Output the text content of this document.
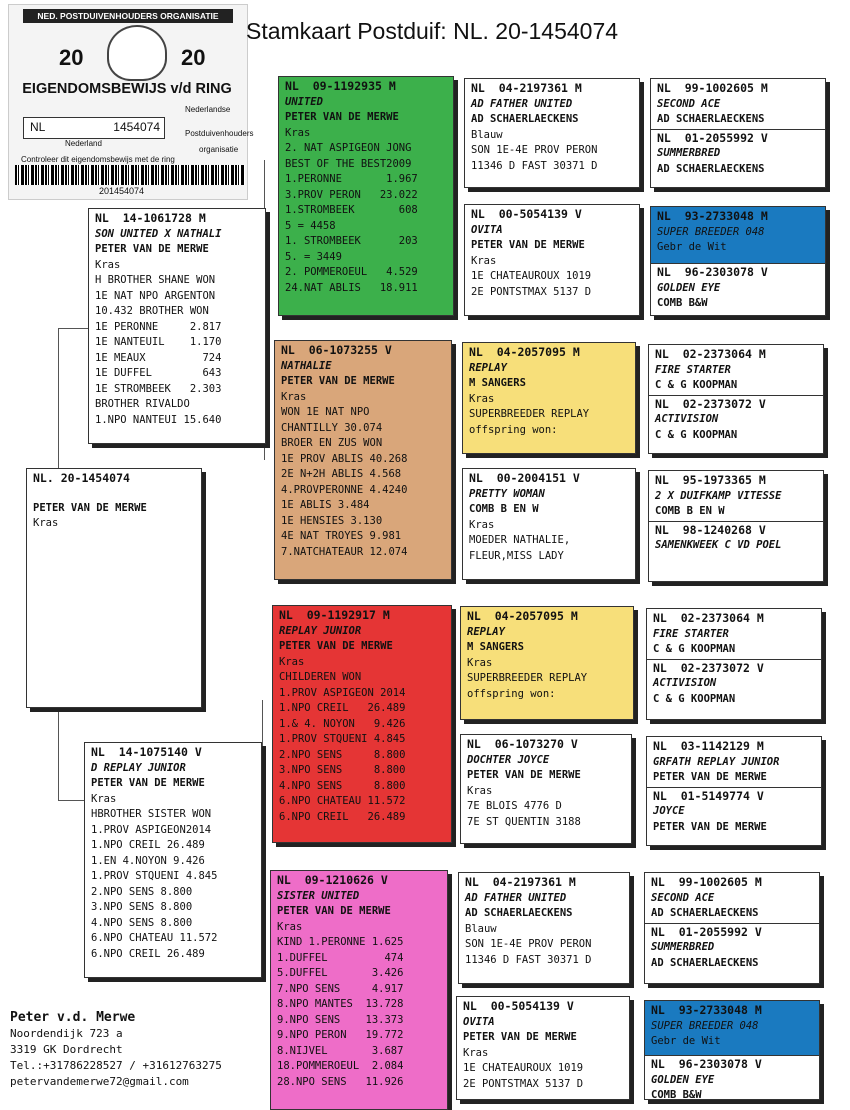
NED. POSTDUIVENHOUDERS ORGANISATIE
20	20
EIGENDOMSBEWIJS v/d RING
NL	1454074
Nederlandse
Postduivenhouders
organisatie
Nederland
Controleer dit eigendomsbewijs met de ring
201454074
Stamkaart Postduif: NL. 20-1454074
NL. 20-1454074
PETER VAN DE MERWE
Kras
NL  14-1061728 M
SON UNITED X NATHALI
PETER VAN DE MERWE
Kras
H BROTHER SHANE WON
1E NAT NPO ARGENTON
10.432 BROTHER WON
1E PERONNE     2.817
1E NANTEUIL    1.170
1E MEAUX         724
1E DUFFEL        643
1E STROMBEEK   2.303
BROTHER RIVALDO
1.NPO NANTEUI 15.640
NL  14-1075140 V
D REPLAY JUNIOR
PETER VAN DE MERWE
Kras
HBROTHER SISTER WON
1.PROV ASPIGEON2014
1.NPO CREIL 26.489
1.EN 4.NOYON 9.426
1.PROV STQUENI 4.845
2.NPO SENS 8.800
3.NPO SENS 8.800
4.NPO SENS 8.800
6.NPO CHATEAU 11.572
6.NPO CREIL 26.489
NL  09-1192935 M
UNITED
PETER VAN DE MERWE
Kras
2. NAT ASPIGEON JONG
BEST OF THE BEST2009
1.PERONNE       1.967
3.PROV PERON   23.022
1.STROMBEEK       608
5 = 4458
1. STROMBEEK      203
5. = 3449
2. POMMEROEUL   4.529
24.NAT ABLIS   18.911
NL  06-1073255 V
NATHALIE
PETER VAN DE MERWE
Kras
WON 1E NAT NPO
CHANTILLY 30.074
BROER EN ZUS WON
1E PROV ABLIS 40.268
2E N+2H ABLIS 4.568
4.PROVPERONNE 4.4240
1E ABLIS 3.484
1E HENSIES 3.130
4E NAT TROYES 9.981
7.NATCHATEAUR 12.074
NL  09-1192917 M
REPLAY JUNIOR
PETER VAN DE MERWE
Kras
CHILDEREN WON
1.PROV ASPIGEON 2014
1.NPO CREIL   26.489
1.& 4. NOYON   9.426
1.PROV STQUENI 4.845
2.NPO SENS     8.800
3.NPO SENS     8.800
4.NPO SENS     8.800
6.NPO CHATEAU 11.572
6.NPO CREIL   26.489
NL  09-1210626 V
SISTER UNITED
PETER VAN DE MERWE
Kras
KIND 1.PERONNE 1.625
1.DUFFEL         474
5.DUFFEL       3.426
7.NPO SENS     4.917
8.NPO MANTES  13.728
9.NPO SENS    13.373
9.NPO PERON   19.772
8.NIJVEL       3.687
18.POMMEROEUL  2.084
28.NPO SENS   11.926
NL  04-2197361 M
AD FATHER UNITED
AD SCHAERLAECKENS
Blauw
SON 1E-4E PROV PERON
11346 D FAST 30371 D
NL  00-5054139 V
OVITA
PETER VAN DE MERWE
Kras
1E CHATEAUROUX 1019
2E PONTSTMAX 5137 D
NL  04-2057095 M
REPLAY
M SANGERS
Kras
SUPERBREEDER REPLAY
offspring won:
NL  00-2004151 V
PRETTY WOMAN
COMB B EN W
Kras
MOEDER NATHALIE,
FLEUR,MISS LADY
NL  04-2057095 M
REPLAY
M SANGERS
Kras
SUPERBREEDER REPLAY
offspring won:
NL  06-1073270 V
DOCHTER JOYCE
PETER VAN DE MERWE
Kras
7E BLOIS 4776 D
7E ST QUENTIN 3188
NL  04-2197361 M
AD FATHER UNITED
AD SCHAERLAECKENS
Blauw
SON 1E-4E PROV PERON
11346 D FAST 30371 D
NL  00-5054139 V
OVITA
PETER VAN DE MERWE
Kras
1E CHATEAUROUX 1019
2E PONTSTMAX 5137 D
NL  99-1002605 M
SECOND ACE
AD SCHAERLAECKENS
NL  01-2055992 V
SUMMERBRED
AD SCHAERLAECKENS
NL  93-2733048 M
SUPER BREEDER 048
Gebr de Wit
NL  96-2303078 V
GOLDEN EYE
COMB B&W
NL  02-2373064 M
FIRE STARTER
C & G KOOPMAN
NL  02-2373072 V
ACTIVISION
C & G KOOPMAN
NL  95-1973365 M
2 X DUIFKAMP VITESSE
COMB B EN W
NL  98-1240268 V
SAMENKWEEK C VD POEL
NL  02-2373064 M
FIRE STARTER
C & G KOOPMAN
NL  02-2373072 V
ACTIVISION
C & G KOOPMAN
NL  03-1142129 M
GRFATH REPLAY JUNIOR
PETER VAN DE MERWE
NL  01-5149774 V
JOYCE
PETER VAN DE MERWE
NL  99-1002605 M
SECOND ACE
AD SCHAERLAECKENS
NL  01-2055992 V
SUMMERBRED
AD SCHAERLAECKENS
NL  93-2733048 M
SUPER BREEDER 048
Gebr de Wit
NL  96-2303078 V
GOLDEN EYE
COMB B&W
Peter v.d. Merwe
Noordendijk 723 a
3319 GK Dordrecht
Tel.:+31786228527 / +31612763275
petervandemerwe72@gmail.com
